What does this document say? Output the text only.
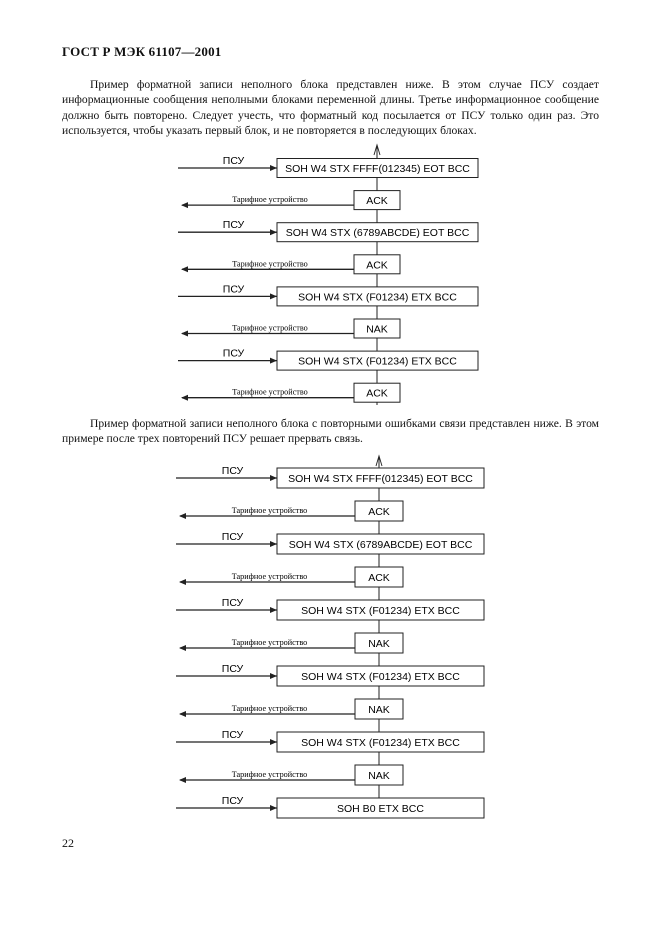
ГОСТ Р МЭК 61107—2001

Пример форматной записи неполного блока представлен ниже. В этом случае ПСУ создает информационные сообщения неполными блоками переменной длины. Третье информационное сообщение должно быть повторено. Следует учесть, что форматный код посылается от ПСУ только один раз. Это используется, чтобы указать первый блок, и не повторяется в последующих блоках.

Пример форматной записи неполного блока с повторными ошибками связи представлен ниже. В этом примере после трех повторений ПСУ решает прервать связь.

22
ПСУ
SOH W4 STX FFFF(012345) EOT BCC
ACK
Тарифное устройство
ПСУ
SOH W4 STX (6789ABCDE) EOT BCC
ACK
Тарифное устройство
ПСУ
SOH W4 STX (F01234) ETX BCC
NAK
Тарифное устройство
ПСУ
SOH W4 STX (F01234) ETX BCC
ACK
Тарифное устройство
ПСУ
SOH W4 STX FFFF(012345) EOT BCC
ACK
Тарифное устройство
ПСУ
SOH W4 STX (6789ABCDE) EOT BCC
ACK
Тарифное устройство
ПСУ
SOH W4 STX (F01234) ETX BCC
NAK
Тарифное устройство
ПСУ
SOH W4 STX (F01234) ETX BCC
NAK
Тарифное устройство
ПСУ
SOH W4 STX (F01234) ETX BCC
NAK
Тарифное устройство
ПСУ
SOH B0 ETX BCC
